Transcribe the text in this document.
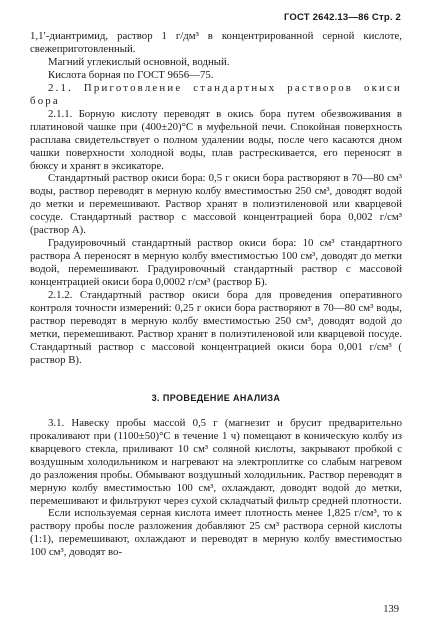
ГОСТ 2642.13—86 Стр. 2

1,1′-диантримид, раствор 1 г/дм³ в концентрированной серной кислоте, свежеприготовленный.

Магний углекислый основной, водный.

Кислота борная по ГОСТ 9656—75.

2.1. Приготовление стандартных растворов окиси бора

2.1.1. Борную кислоту переводят в окись бора путем обезвоживания в платиновой чашке при (400±20)°С в муфельной печи. Спокойная поверхность расплава свидетельствует о полном удалении воды, после чего касаются дном чашки поверхности холодной воды, плав растрескивается, его переносят в бюксу и хранят в эксикаторе.

Стандартный раствор окиси бора: 0,5 г окиси бора растворяют в 70—80 см³ воды, раствор переводят в мерную колбу вместимостью 250 см³, доводят водой до метки и перемешивают. Раствор хранят в полиэтиленовой или кварцевой сосуде. Стандартный раствор с массовой концентрацией бора 0,002 г/см³ (раствор А).

Градуировочный стандартный раствор окиси бора: 10 см³ стандартного раствора А переносят в мерную колбу вместимостью 100 см³, доводят до метки водой, перемешивают. Градуировочный стандартный раствор с массовой концентрацией окиси бора 0,0002 г/см³ (раствор Б).

2.1.2. Стандартный раствор окиси бора для проведения оперативного контроля точности измерений: 0,25 г окиси бора растворяют в 70—80 см³ воды, раствор переводят в мерную колбу вместимостью 250 см³, доводят водой до метки, перемешивают. Раствор хранят в полиэтиленовой или кварцевой посуде. Стандартный раствор с массовой концентрацией окиси бора 0,001 г/см³ ( раствор В).

3. ПРОВЕДЕНИЕ АНАЛИЗА

3.1. Навеску пробы массой 0,5 г (магнезит и брусит предварительно прокаливают при (1100±50)°С в течение 1 ч) помещают в коническую колбу из кварцевого стекла, приливают 10 см³ соляной кислоты, закрывают пробкой с воздушным холодильником и нагревают на электроплитке со слабым нагревом до разложения пробы. Обмывают воздушный холодильник. Раствор переводят в мерную колбу вместимостью 100 см³, охлаждают, доводят водой до метки, перемешивают и фильтруют через сухой складчатый фильтр средней плотности.

Если используемая серная кислота имеет плотность менее 1,825 г/см³, то к раствору пробы после разложения добавляют 25 см³ раствора серной кислоты (1:1), перемешивают, охлаждают и переводят в мерную колбу вместимостью 100 см³, доводят во-

139
